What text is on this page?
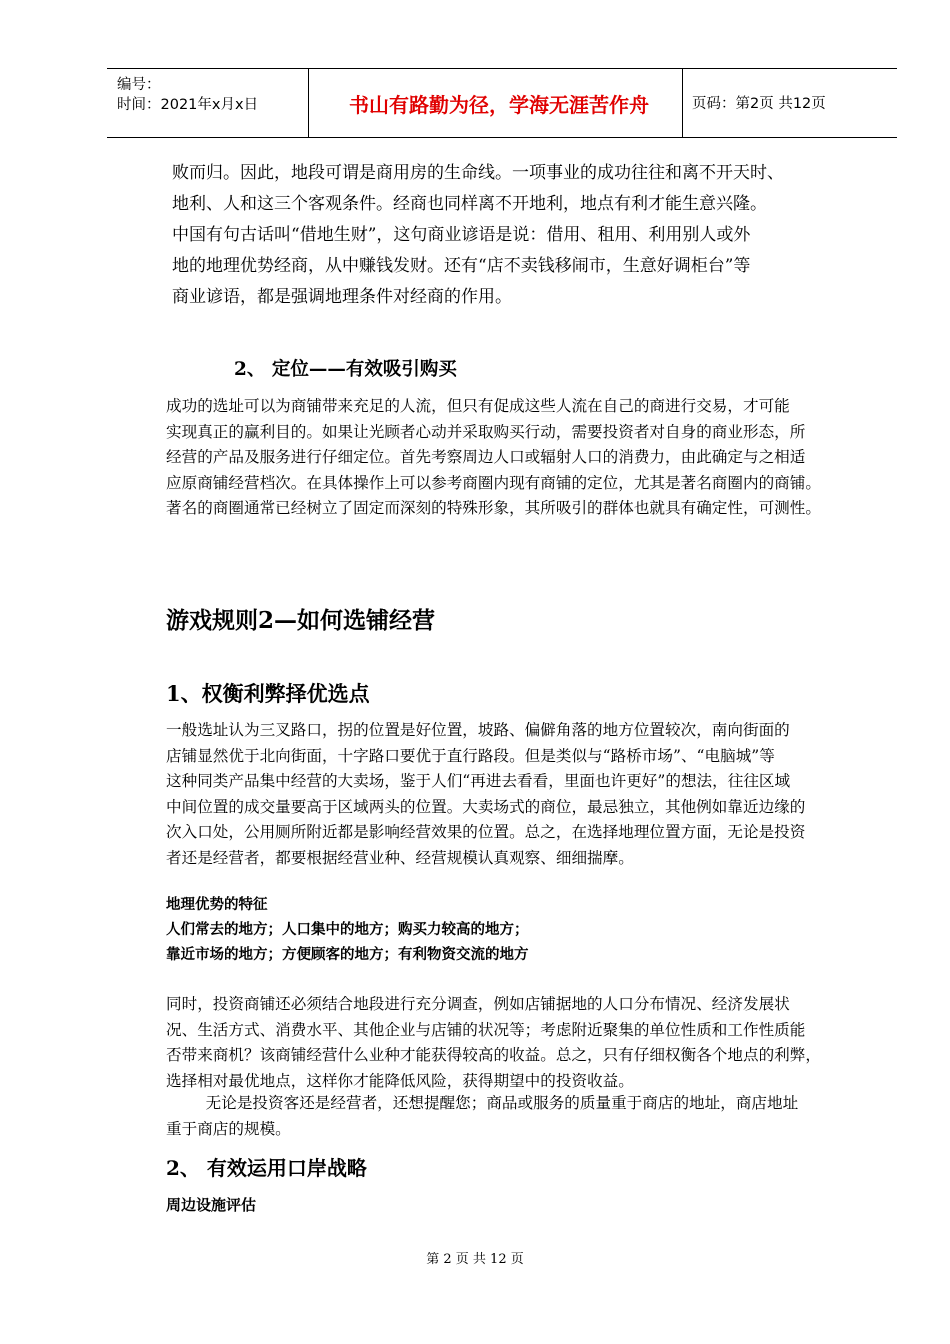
编号：
时间：2021年x月x日	书山有路勤为径，学海无涯苦作舟	页码：第2页 共12页
败而归。因此，地段可谓是商用房的生命线。一项事业的成功往往和离不开天时、
地利、人和这三个客观条件。经商也同样离不开地利，地点有利才能生意兴隆。
中国有句古话叫“借地生财”，这句商业谚语是说：借用、租用、利用别人或外
地的地理优势经商，从中赚钱发财。还有“店不卖钱移闹市，生意好调柜台”等
商业谚语，都是强调地理条件对经商的作用。
2、 定位——有效吸引购买
成功的选址可以为商铺带来充足的人流，但只有促成这些人流在自己的商进行交易，才可能
实现真正的赢利目的。如果让光顾者心动并采取购买行动，需要投资者对自身的商业形态，所
经营的产品及服务进行仔细定位。首先考察周边人口或辐射人口的消费力，由此确定与之相适
应原商铺经营档次。在具体操作上可以参考商圈内现有商铺的定位，尤其是著名商圈内的商铺。
著名的商圈通常已经树立了固定而深刻的特殊形象，其所吸引的群体也就具有确定性，可测性。
游戏规则2—如何选铺经营
1、权衡利弊择优选点
一般选址认为三叉路口，拐的位置是好位置，坡路、偏僻角落的地方位置较次，南向街面的
店铺显然优于北向街面，十字路口要优于直行路段。但是类似与“路桥市场”、“电脑城”等
这种同类产品集中经营的大卖场，鉴于人们“再进去看看，里面也许更好”的想法，往往区域
中间位置的成交量要高于区域两头的位置。大卖场式的商位，最忌独立，其他例如靠近边缘的
次入口处，公用厕所附近都是影响经营效果的位置。总之，在选择地理位置方面，无论是投资
者还是经营者，都要根据经营业种、经营规模认真观察、细细揣摩。
地理优势的特征
人们常去的地方；人口集中的地方；购买力较高的地方；
靠近市场的地方；方便顾客的地方；有利物资交流的地方
同时，投资商铺还必须结合地段进行充分调查，例如店铺据地的人口分布情况、经济发展状
况、生活方式、消费水平、其他企业与店铺的状况等；考虑附近聚集的单位性质和工作性质能
否带来商机？该商铺经营什么业种才能获得较高的收益。总之，只有仔细权衡各个地点的利弊，
选择相对最优地点，这样你才能降低风险，获得期望中的投资收益。
无论是投资客还是经营者，还想提醒您；商品或服务的质量重于商店的地址，商店地址
重于商店的规模。
2、 有效运用口岸战略
周边设施评估
第 2 页 共 12 页
